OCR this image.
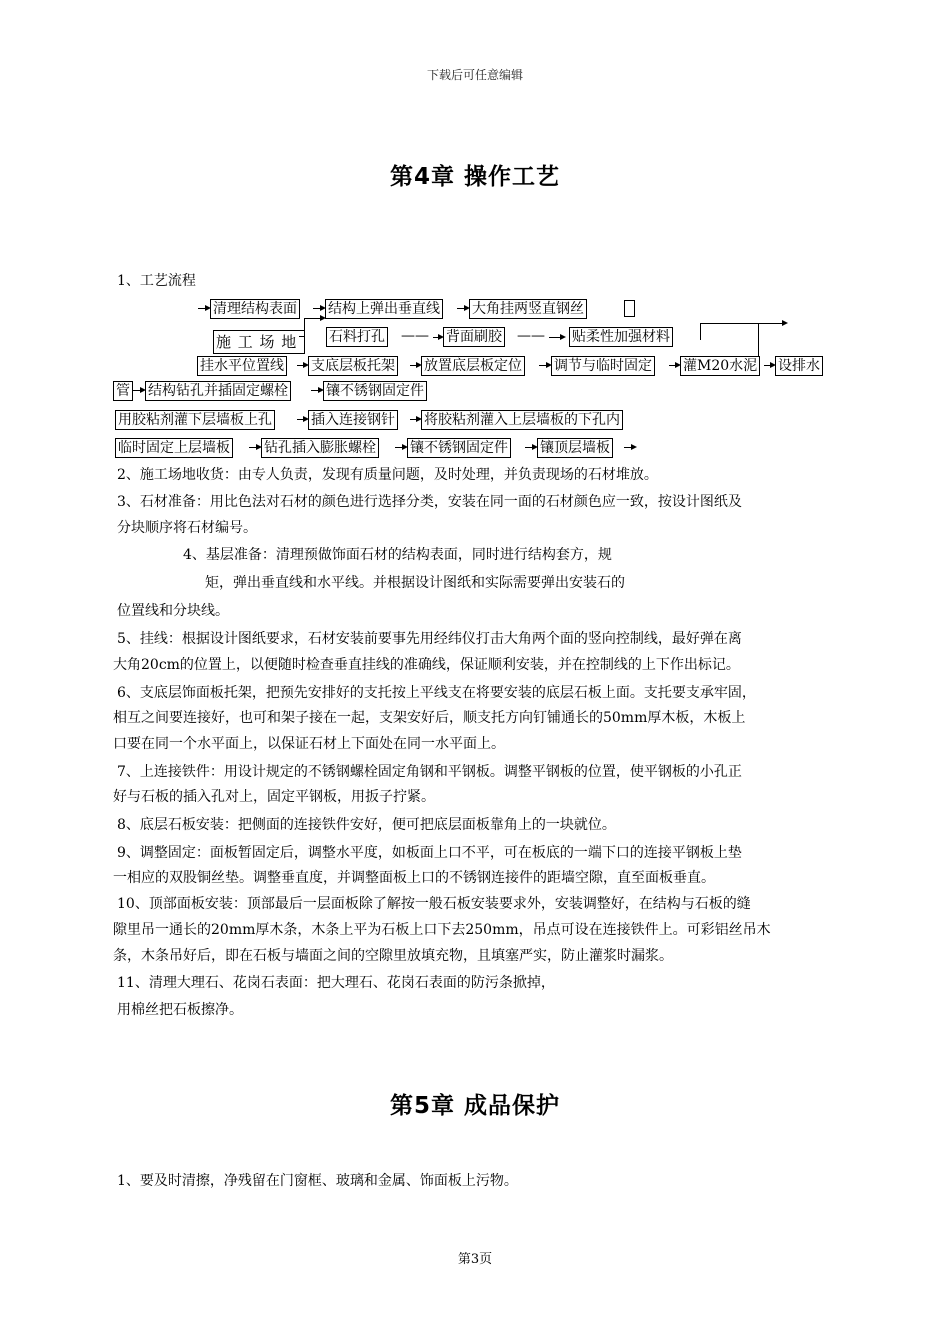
下载后可任意编辑
第4章 操作工艺
1、工艺流程
清理结构表面 结构上弹出垂直线 大角挂两竖直钢丝
施 工 场 地	石料打孔 —— 背面刷胶 —— 贴柔性加强材料
挂水平位置线 支底层板托架 放置底层板定位 调节与临时固定 灌M20水泥 设排水
管 结构钻孔并插固定螺栓	镶不锈钢固定件
用胶粘剂灌下层墙板上孔	插入连接钢针 将胶粘剂灌入上层墙板的下孔内
临时固定上层墙板 钻孔插入膨胀螺栓 镶不锈钢固定件 镶顶层墙板
2、施工场地收货：由专人负责，发现有质量问题，及时处理，并负责现场的石材堆放。
3、石材准备：用比色法对石材的颜色进行选择分类，安装在同一面的石材颜色应一致，按设计图纸及
分块顺序将石材编号。
4、基层准备：清理预做饰面石材的结构表面，同时进行结构套方，规
矩，弹出垂直线和水平线。并根据设计图纸和实际需要弹出安装石的
位置线和分块线。
5、挂线：根据设计图纸要求，石材安装前要事先用经纬仪打击大角两个面的竖向控制线，最好弹在离
大角20cm的位置上，以便随时检查垂直挂线的准确线，保证顺利安装，并在控制线的上下作出标记。
6、支底层饰面板托架，把预先安排好的支托按上平线支在将要安装的底层石板上面。支托要支承牢固，
相互之间要连接好，也可和架子接在一起，支架安好后，顺支托方向钉铺通长的50mm厚木板，木板上
口要在同一个水平面上，以保证石材上下面处在同一水平面上。
7、上连接铁件：用设计规定的不锈钢螺栓固定角钢和平钢板。调整平钢板的位置，使平钢板的小孔正
好与石板的插入孔对上，固定平钢板，用扳子拧紧。
8、底层石板安装：把侧面的连接铁件安好，便可把底层面板靠角上的一块就位。
9、调整固定：面板暂固定后，调整水平度，如板面上口不平，可在板底的一端下口的连接平钢板上垫
一相应的双股铜丝垫。调整垂直度，并调整面板上口的不锈钢连接件的距墙空隙，直至面板垂直。
10、顶部面板安装：顶部最后一层面板除了解按一般石板安装要求外，安装调整好，在结构与石板的缝
隙里吊一通长的20mm厚木条，木条上平为石板上口下去250mm，吊点可设在连接铁件上。可彩铝丝吊木
条，木条吊好后，即在石板与墙面之间的空隙里放填充物，且填塞严实，防止灌浆时漏浆。
11、清理大理石、花岗石表面：把大理石、花岗石表面的防污条掀掉，
用棉丝把石板擦净。
第5章 成品保护
1、要及时清擦，净残留在门窗框、玻璃和金属、饰面板上污物。
第3页
